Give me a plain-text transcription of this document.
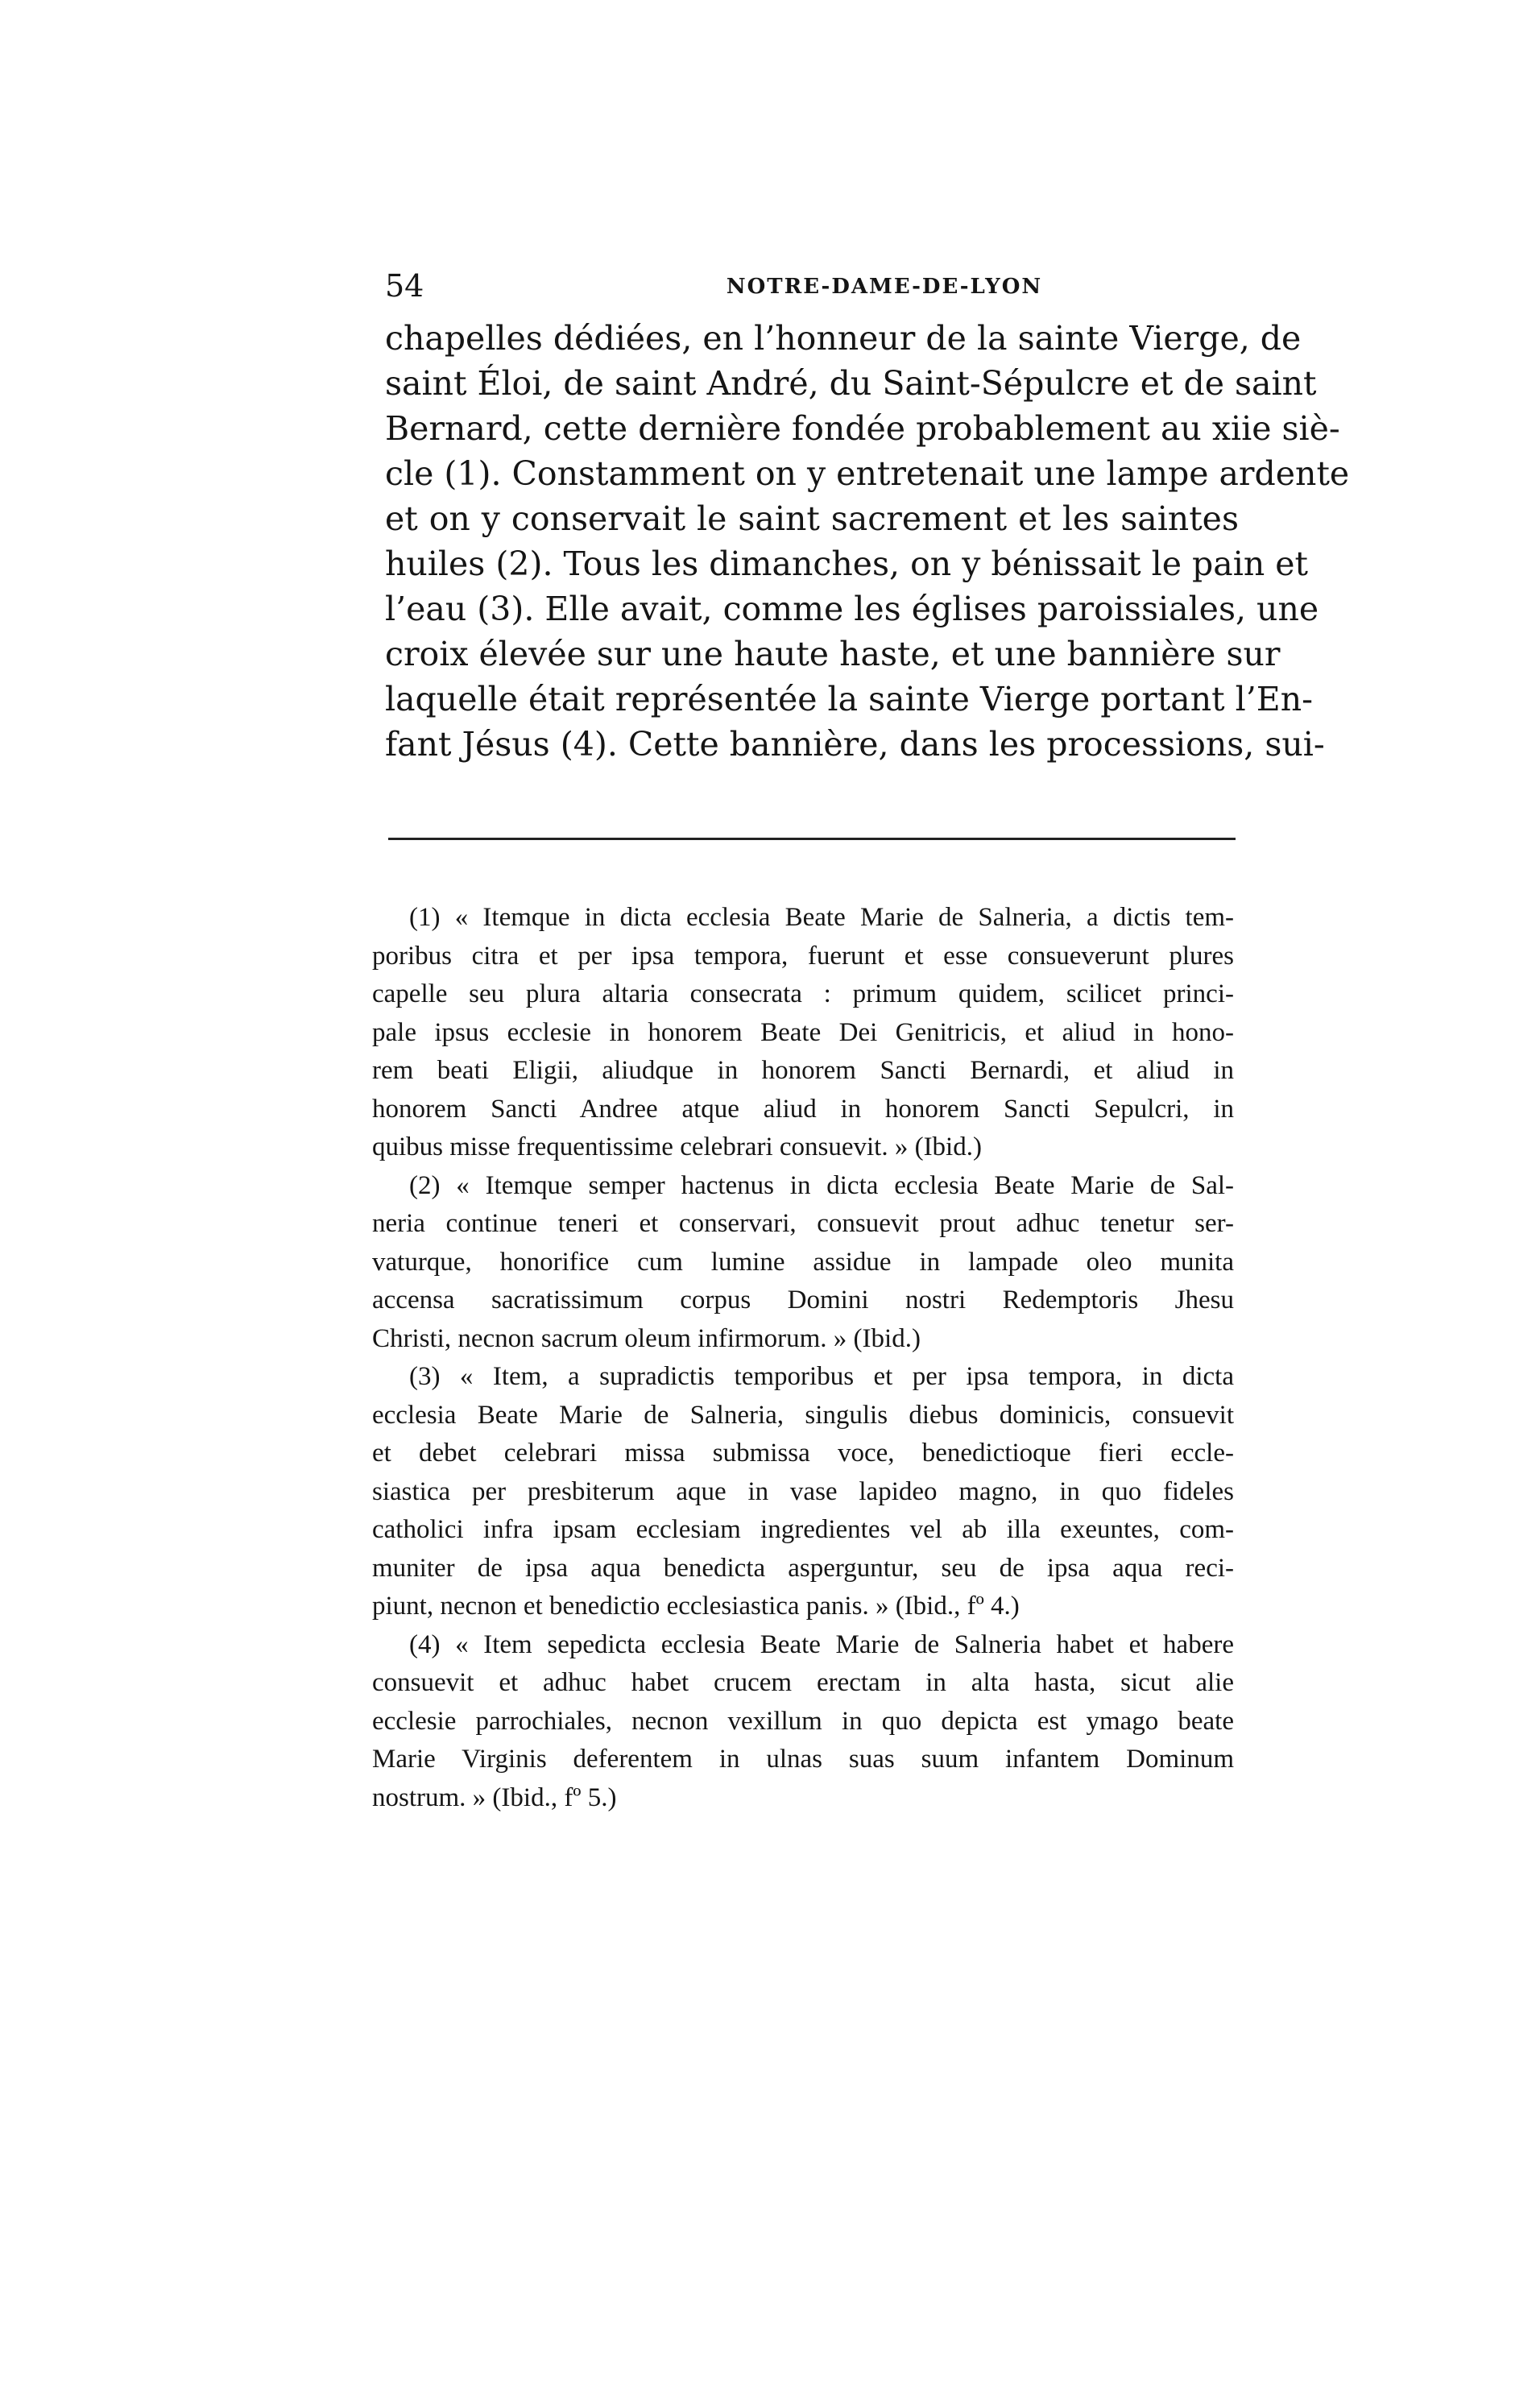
54	NOTRE-DAME-DE-LYON
chapelles dédiées, en l’honneur de la sainte Vierge, de
saint Éloi, de saint André, du Saint-Sépulcre et de saint
Bernard, cette dernière fondée probablement au xiie siè-
cle (1). Constamment on y entretenait une lampe ardente
et on y conservait le saint sacrement et les saintes
huiles (2). Tous les dimanches, on y bénissait le pain et
l’eau (3). Elle avait, comme les églises paroissiales, une
croix élevée sur une haute haste, et une bannière sur
laquelle était représentée la sainte Vierge portant l’En-
fant Jésus (4). Cette bannière, dans les processions, sui-
(1) « Itemque in dicta ecclesia Beate Marie de Salneria, a dictis tem-
poribus citra et per ipsa tempora, fuerunt et esse consueverunt plures
capelle seu plura altaria consecrata : primum quidem, scilicet princi-
pale ipsus ecclesie in honorem Beate Dei Genitricis, et aliud in hono-
rem beati Eligii, aliudque in honorem Sancti Bernardi, et aliud in
honorem Sancti Andree atque aliud in honorem Sancti Sepulcri, in
quibus misse frequentissime celebrari consuevit. » (Ibid.)
(2) « Itemque semper hactenus in dicta ecclesia Beate Marie de Sal-
neria continue teneri et conservari, consuevit prout adhuc tenetur ser-
vaturque, honorifice cum lumine assidue in lampade oleo munita
accensa sacratissimum corpus Domini nostri Redemptoris Jhesu
Christi, necnon sacrum oleum infirmorum. » (Ibid.)
(3) « Item, a supradictis temporibus et per ipsa tempora, in dicta
ecclesia Beate Marie de Salneria, singulis diebus dominicis, consuevit
et debet celebrari missa submissa voce, benedictioque fieri eccle-
siastica per presbiterum aque in vase lapideo magno, in quo fideles
catholici infra ipsam ecclesiam ingredientes vel ab illa exeuntes, com-
muniter de ipsa aqua benedicta asperguntur, seu de ipsa aqua reci-
piunt, necnon et benedictio ecclesiastica panis. » (Ibid., fº 4.)
(4) « Item sepedicta ecclesia Beate Marie de Salneria habet et habere
consuevit et adhuc habet crucem erectam in alta hasta, sicut alie
ecclesie parrochiales, necnon vexillum in quo depicta est ymago beate
Marie Virginis deferentem in ulnas suas suum infantem Dominum
nostrum. » (Ibid., fº 5.)
